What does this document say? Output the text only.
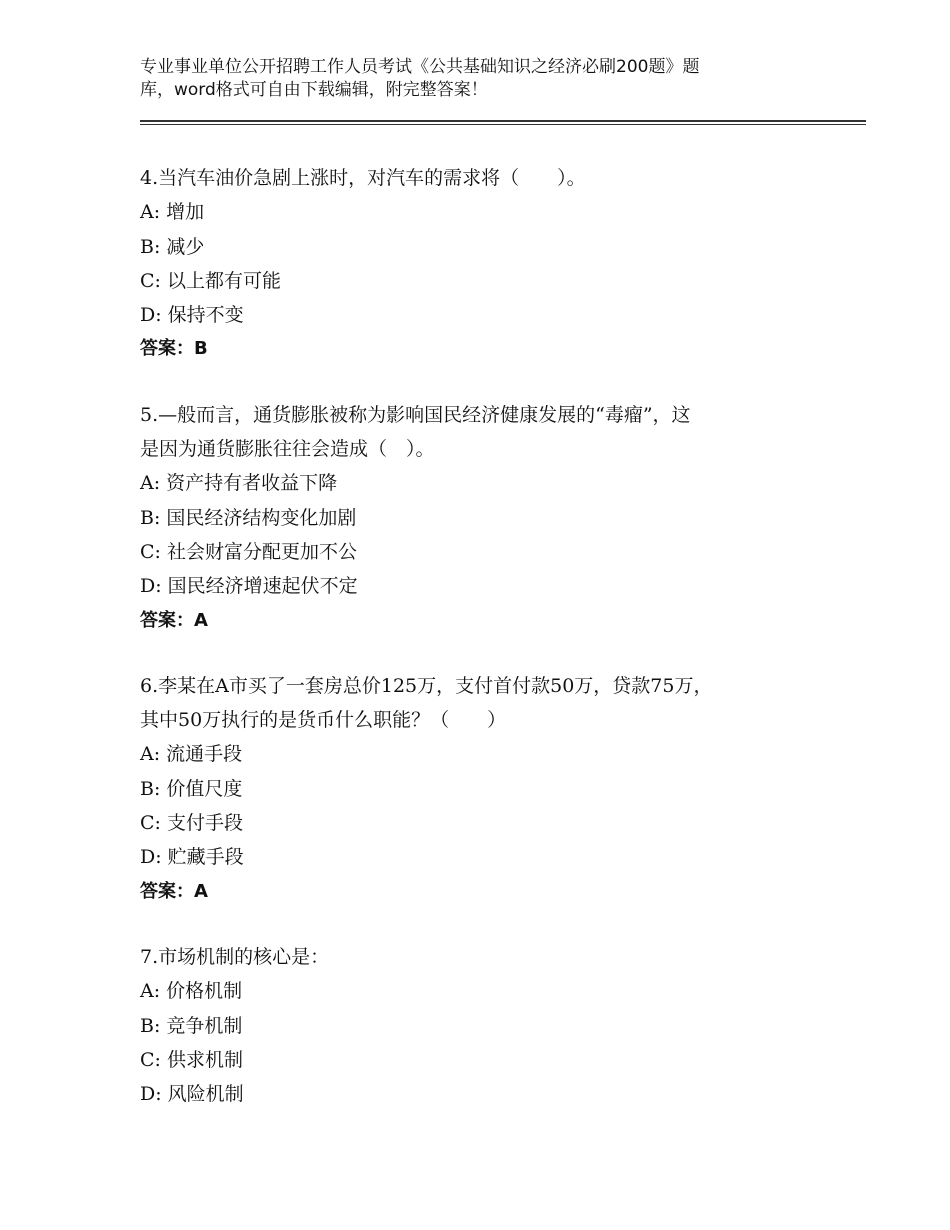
专业事业单位公开招聘工作人员考试《公共基础知识之经济必刷200题》题
库，word格式可自由下载编辑，附完整答案！
4.当汽车油价急剧上涨时，对汽车的需求将（　　）。
A: 增加
B: 减少
C: 以上都有可能
D: 保持不变
答案：B
5.—般而言，通货膨胀被称为影响国民经济健康发展的“毒瘤”，这
是因为通货膨胀往往会造成（　）。
A: 资产持有者收益下降
B: 国民经济结构变化加剧
C: 社会财富分配更加不公
D: 国民经济增速起伏不定
答案：A
6.李某在A市买了一套房总价125万，支付首付款50万，贷款75万，
其中50万执行的是货币什么职能？（　　）
A: 流通手段
B: 价值尺度
C: 支付手段
D: 贮藏手段
答案：A
7.市场机制的核心是：
A: 价格机制
B: 竞争机制
C: 供求机制
D: 风险机制
